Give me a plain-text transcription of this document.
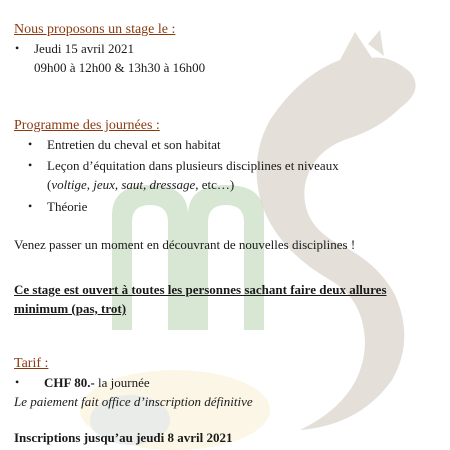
Nous proposons un stage le :
• Jeudi 15 avril 2021
09h00 à 12h00 & 13h30 à 16h00
Programme des journées :
• Entretien du cheval et son habitat
• Leçon d’équitation dans plusieurs disciplines et niveaux
(voltige, jeux, saut, dressage, etc…)
• Théorie
Venez passer un moment en découvrant de nouvelles disciplines !
Ce stage est ouvert à toutes les personnes sachant faire deux allures
minimum (pas, trot)
Tarif :
• CHF 80.- la journée
Le paiement fait office d’inscription définitive
Inscriptions jusqu’au jeudi 8 avril 2021
